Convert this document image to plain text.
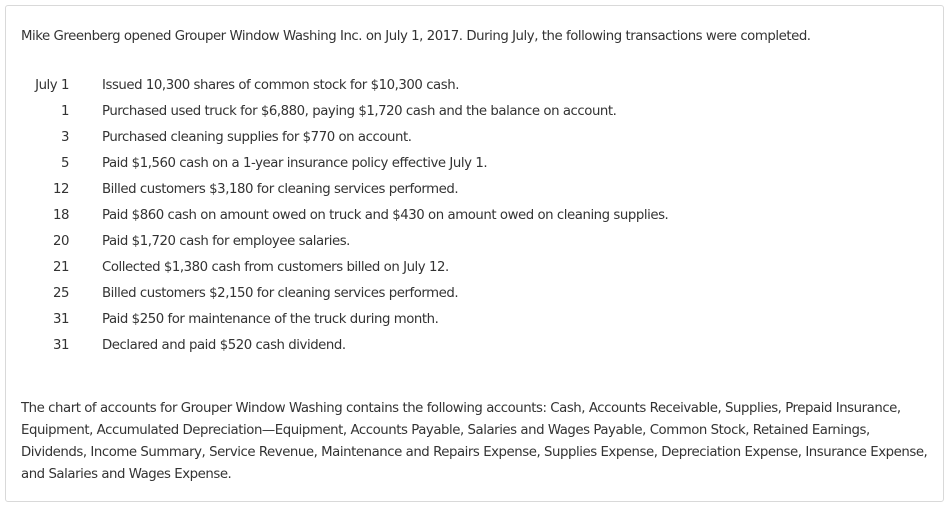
Mike Greenberg opened Grouper Window Washing Inc. on July 1, 2017. During July, the following transactions were completed.
July 1 Issued 10,300 shares of common stock for $10,300 cash.
1 Purchased used truck for $6,880, paying $1,720 cash and the balance on account.
3 Purchased cleaning supplies for $770 on account.
5 Paid $1,560 cash on a 1-year insurance policy effective July 1.
12 Billed customers $3,180 for cleaning services performed.
18 Paid $860 cash on amount owed on truck and $430 on amount owed on cleaning supplies.
20 Paid $1,720 cash for employee salaries.
21 Collected $1,380 cash from customers billed on July 12.
25 Billed customers $2,150 for cleaning services performed.
31 Paid $250 for maintenance of the truck during month.
31 Declared and paid $520 cash dividend.
The chart of accounts for Grouper Window Washing contains the following accounts: Cash, Accounts Receivable, Supplies, Prepaid Insurance, Equipment, Accumulated Depreciation—Equipment, Accounts Payable, Salaries and Wages Payable, Common Stock, Retained Earnings, Dividends, Income Summary, Service Revenue, Maintenance and Repairs Expense, Supplies Expense, Depreciation Expense, Insurance Expense, and Salaries and Wages Expense.
